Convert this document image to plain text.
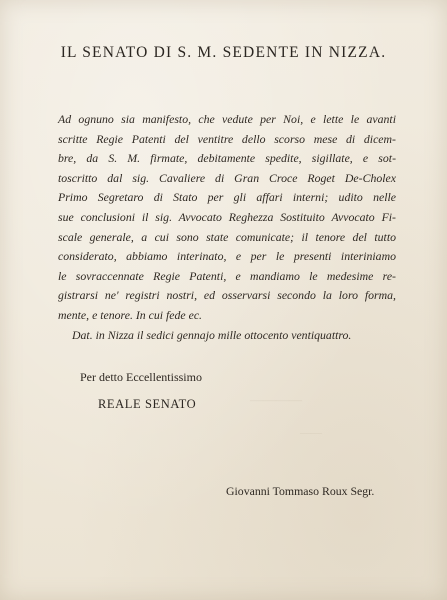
————
——
IL SENATO DI S. M. SEDENTE IN NIZZA.
Ad ognuno sia manifesto, che vedute per Noi, e lette le avanti
scritte Regie Patenti del ventitre dello scorso mese di dicem-
bre, da S. M. firmate, debitamente spedite, sigillate, e sot-
toscritto dal sig. Cavaliere di Gran Croce Roget De-Cholex
Primo Segretaro di Stato per gli affari interni; udito nelle
sue conclusioni il sig. Avvocato Reghezza Sostituito Avvocato Fi-
scale generale, a cui sono state comunicate; il tenore del tutto
considerato, abbiamo interinato, e per le presenti interiniamo
le sovraccennate Regie Patenti, e mandiamo le medesime re-
gistrarsi ne' registri nostri, ed osservarsi secondo la loro forma,
mente, e tenore. In cui fede ec.
Dat. in Nizza il sedici gennajo mille ottocento ventiquattro.
Per detto Eccellentissimo
REALE SENATO
Giovanni Tommaso Roux Segr.
